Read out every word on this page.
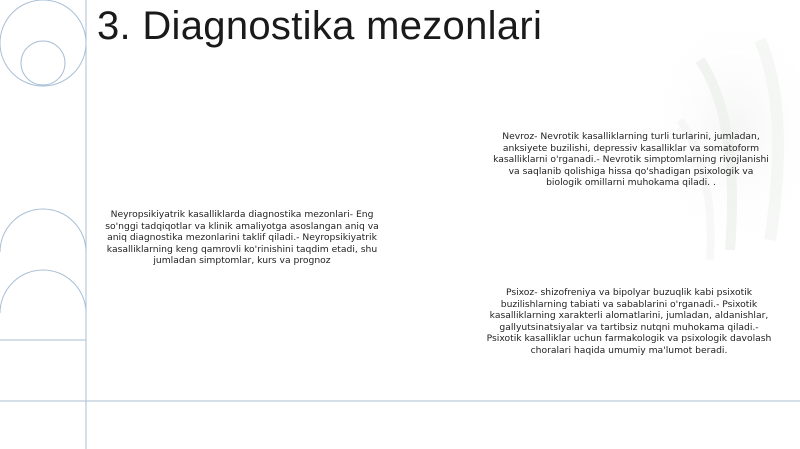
3. Diagnostika mezonlari
Neyropsikiyatrik kasalliklarda diagnostika mezonlari- Eng so'nggi tadqiqotlar va klinik amaliyotga asoslangan aniq va aniq diagnostika mezonlarini taklif qiladi.- Neyropsikiyatrik kasalliklarning keng qamrovli ko'rinishini taqdim etadi, shu jumladan simptomlar, kurs va prognoz
Nevroz- Nevrotik kasalliklarning turli turlarini, jumladan, anksiyete buzilishi, depressiv kasalliklar va somatoform kasalliklarni o'rganadi.- Nevrotik simptomlarning rivojlanishi va saqlanib qolishiga hissa qo'shadigan psixologik va biologik omillarni muhokama qiladi. .
Psixoz- shizofreniya va bipolyar buzuqlik kabi psixotik buzilishlarning tabiati va sabablarini o'rganadi.- Psixotik kasalliklarning xarakterli alomatlarini, jumladan, aldanishlar, gallyutsinatsiyalar va tartibsiz nutqni muhokama qiladi.- Psixotik kasalliklar uchun farmakologik va psixologik davolash choralari haqida umumiy ma'lumot beradi.
